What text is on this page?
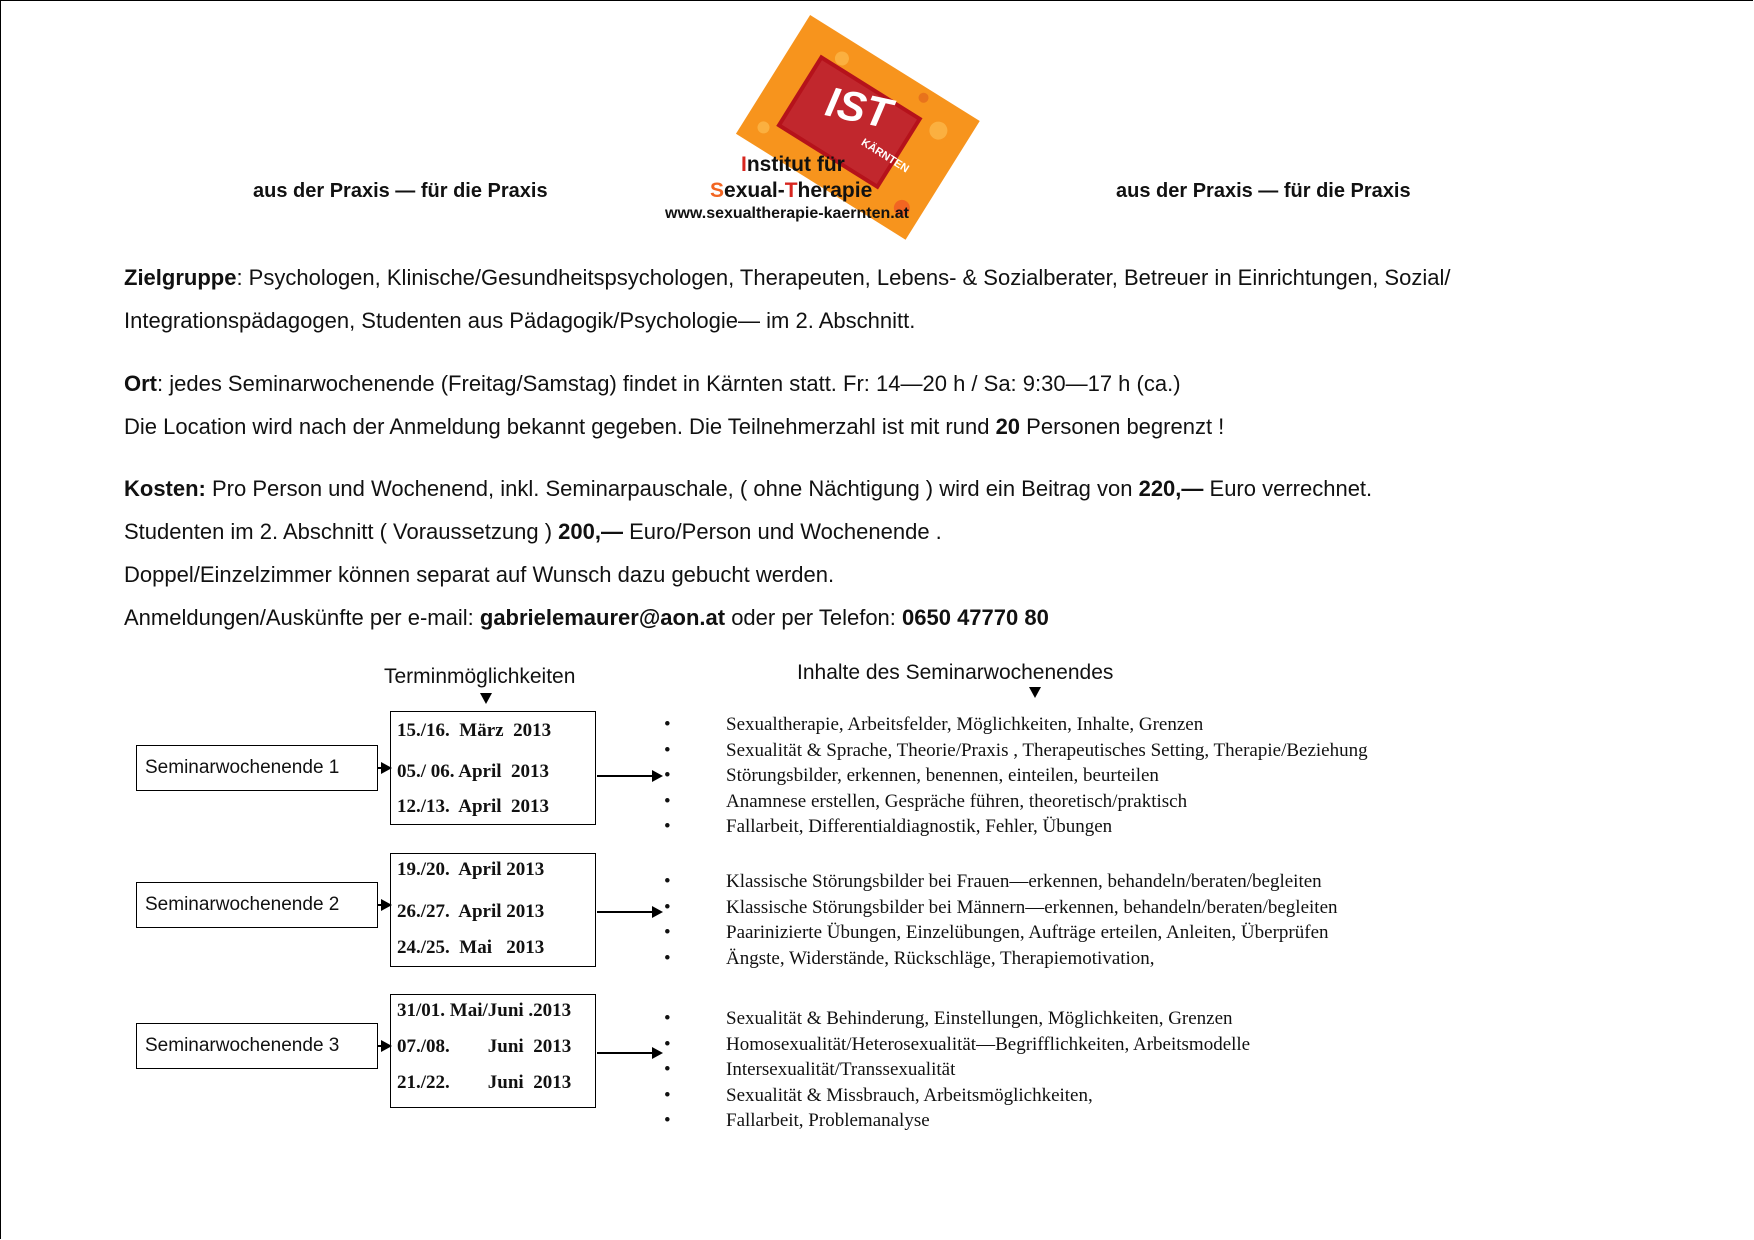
aus der Praxis — für die Praxis	aus der Praxis — für die Praxis
IST
KÄRNTEN
Institut für
Sexual-Therapie
www.sexualtherapie-kaernten.at
Zielgruppe: Psychologen, Klinische/Gesundheitspsychologen, Therapeuten, Lebens- & Sozialberater, Betreuer in Einrichtungen, Sozial/
Integrationspädagogen, Studenten aus Pädagogik/Psychologie— im 2. Abschnitt.
Ort: jedes Seminarwochenende (Freitag/Samstag) findet in Kärnten statt. Fr: 14—20 h / Sa: 9:30—17 h (ca.)
Die Location wird nach der Anmeldung bekannt gegeben. Die Teilnehmerzahl ist mit rund 20 Personen begrenzt !
Kosten: Pro Person und Wochenend, inkl. Seminarpauschale, ( ohne Nächtigung ) wird ein Beitrag von 220,— Euro verrechnet.
Studenten im 2. Abschnitt ( Voraussetzung ) 200,— Euro/Person und Wochenende .
Doppel/Einzelzimmer können separat auf Wunsch dazu gebucht werden.
Anmeldungen/Auskünfte per e-mail: gabrielemaurer@aon.at oder per Telefon: 0650 47770 80
Terminmöglichkeiten	Inhalte des Seminarwochenendes
Seminarwochenende 1
15./16.  März  2013
05./ 06. April  2013
12./13.  April  2013
• Sexualtherapie, Arbeitsfelder, Möglichkeiten, Inhalte, Grenzen
• Sexualität & Sprache, Theorie/Praxis , Therapeutisches Setting, Therapie/Beziehung
• Störungsbilder, erkennen, benennen, einteilen, beurteilen
• Anamnese erstellen, Gespräche führen, theoretisch/praktisch
• Fallarbeit, Differentialdiagnostik, Fehler, Übungen
Seminarwochenende 2
19./20.  April 2013
26./27.  April 2013
24./25.  Mai   2013
• Klassische Störungsbilder bei Frauen—erkennen, behandeln/beraten/begleiten
• Klassische Störungsbilder bei Männern—erkennen, behandeln/beraten/begleiten
• Paarinizierte Übungen, Einzelübungen, Aufträge erteilen, Anleiten, Überprüfen
• Ängste, Widerstände, Rückschläge, Therapiemotivation,
Seminarwochenende 3
31/01. Mai/Juni .2013
07./08.        Juni  2013
21./22.        Juni  2013
• Sexualität & Behinderung, Einstellungen, Möglichkeiten, Grenzen
• Homosexualität/Heterosexualität—Begrifflichkeiten, Arbeitsmodelle
• Intersexualität/Transsexualität
• Sexualität & Missbrauch, Arbeitsmöglichkeiten,
• Fallarbeit, Problemanalyse
